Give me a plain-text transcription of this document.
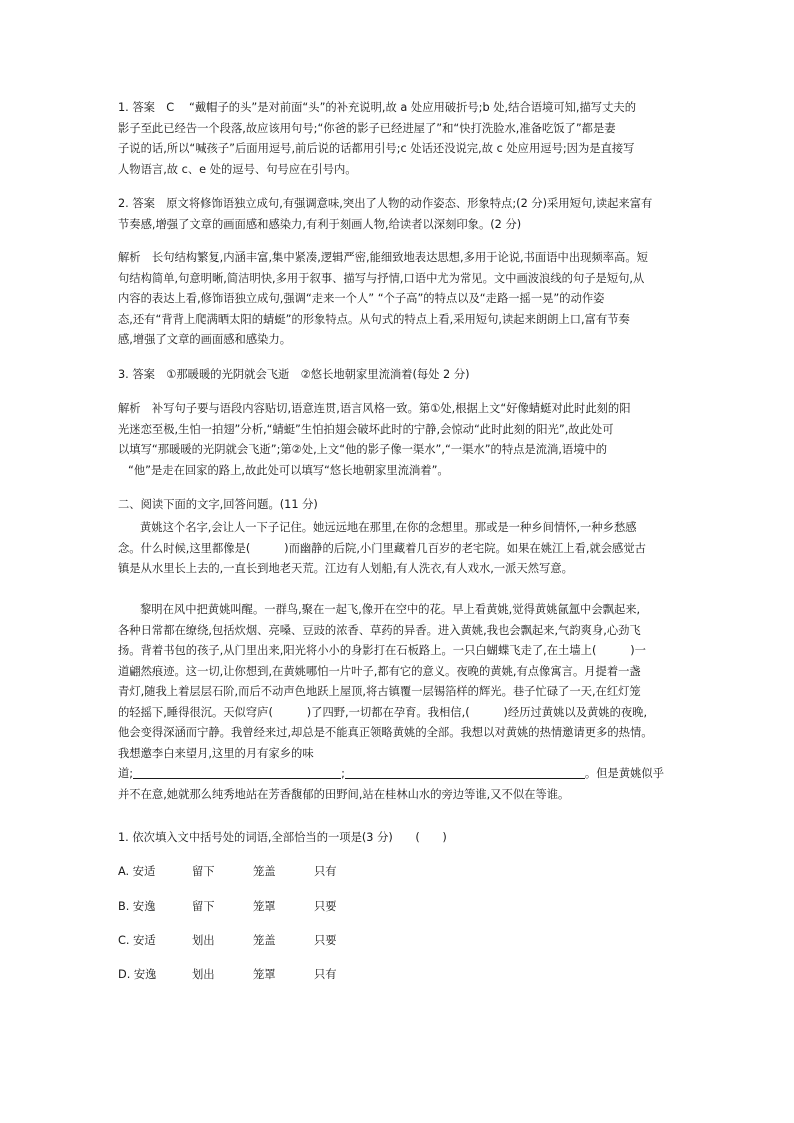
1. 答案　C　 “戴帽子的头”是对前面“头”的补充说明,故 a 处应用破折号;b 处,结合语境可知,描写丈夫的
影子至此已经告一个段落,故应该用句号;“你爸的影子已经进屋了”和“快打洗脸水,准备吃饭了”都是妻
子说的话,所以“喊孩子”后面用逗号,前后说的话都用引号;c 处话还没说完,故 c 处应用逗号;因为是直接写
人物语言,故 c、e 处的逗号、句号应在引号内。
2. 答案　原文将修饰语独立成句,有强调意味,突出了人物的动作姿态、形象特点;(2 分)采用短句,读起来富有
节奏感,增强了文章的画面感和感染力,有利于刻画人物,给读者以深刻印象。(2 分)
解析　长句结构繁复,内涵丰富,集中紧凑,逻辑严密,能细致地表达思想,多用于论说,书面语中出现频率高。短
句结构简单,句意明晰,简洁明快,多用于叙事、描写与抒情,口语中尤为常见。文中画波浪线的句子是短句,从
内容的表达上看,修饰语独立成句,强调“走来一个人” “个子高”的特点以及“走路一摇一晃”的动作姿
态,还有“背背上爬满晒太阳的蜻蜓”的形象特点。从句式的特点上看,采用短句,读起来朗朗上口,富有节奏
感,增强了文章的画面感和感染力。
3. 答案　①那暖暖的光阴就会飞逝　②悠长地朝家里流淌着(每处 2 分)
解析　补写句子要与语段内容贴切,语意连贯,语言风格一致。第①处,根据上文“好像蜻蜓对此时此刻的阳
光迷恋至极,生怕一拍翅”分析,“蜻蜓”生怕拍翅会破坏此时的宁静,会惊动“此时此刻的阳光”,故此处可
以填写“那暖暖的光阴就会飞逝”;第②处,上文“他的影子像一渠水”,“一渠水”的特点是流淌,语境中的
“他”是走在回家的路上,故此处可以填写“悠长地朝家里流淌着”。
二、阅读下面的文字,回答问题。(11 分)
黄姚这个名字,会让人一下子记住。她远远地在那里,在你的念想里。那或是一种乡间情怀,一种乡愁感
念。什么时候,这里都像是(　　　)而幽静的后院,小门里藏着几百岁的老宅院。如果在姚江上看,就会感觉古
镇是从水里长上去的,一直长到地老天荒。江边有人划船,有人洗衣,有人戏水,一派天然写意。
黎明在风中把黄姚叫醒。一群鸟,聚在一起飞,像开在空中的花。早上看黄姚,觉得黄姚氤氲中会飘起来,
各种日常都在缭绕,包括炊烟、亮嗓、豆豉的浓香、草药的异香。进入黄姚,我也会飘起来,气韵爽身,心劲飞
扬。背着书包的孩子,从门里出来,阳光将小小的身影打在石板路上。一只白蝴蝶飞走了,在土墙上(　　　)一
道翩然痕迹。这一切,让你想到,在黄姚哪怕一片叶子,都有它的意义。夜晚的黄姚,有点像寓言。月提着一盏
青灯,随我上着层层石阶,而后不动声色地跃上屋顶,将古镇覆一层锡箔样的辉光。巷子忙碌了一天,在红灯笼
的轻摇下,睡得很沉。天似穹庐(　　　)了四野,一切都在孕育。我相信,(　　　)经历过黄姚以及黄姚的夜晚,
他会变得深涵而宁静。我曾经来过,却总是不能真正领略黄姚的全部。我想以对黄姚的热情邀请更多的热情。
我想邀李白来望月,这里的月有家乡的味
道;	;	。但是黄姚似乎
并不在意,她就那么纯秀地站在芳香馥郁的田野间,站在桂林山水的旁边等谁,又不似在等谁。
1. 依次填入文中括号处的词语,全部恰当的一项是(3 分)　　(　　)
A. 安适	留下	笼盖	只有
B. 安逸	留下	笼罩	只要
C. 安适	划出	笼盖	只要
D. 安逸	划出	笼罩	只有
